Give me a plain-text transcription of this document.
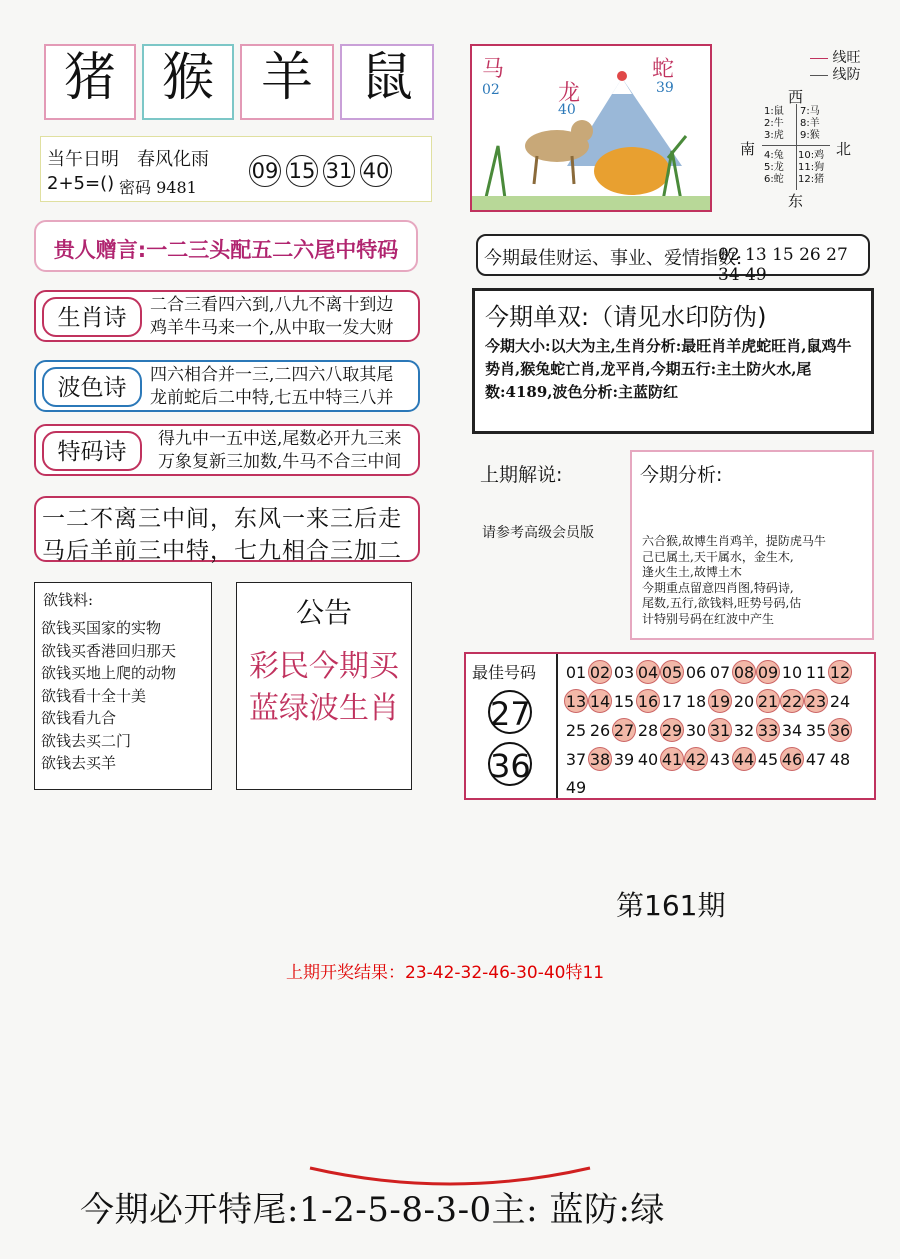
猪 猴 羊 鼠
当午日明　春风化雨
2+5=() 密码 9481
09 15 31 40
贵人赠言:一二三头配五二六尾中特码
生肖诗	二合三看四六到,八九不离十到边
鸡羊牛马来一个,从中取一发大财
波色诗	四六相合并一三,二四六八取其尾
龙前蛇后二中特,七五中特三八并
特码诗	得九中一五中送,尾数必开九三来
万象复新三加数,牛马不合三中间
一二不离三中间，东风一来三后走
马后羊前三中特，七九相合三加二
欲钱料:
欲钱买国家的实物
欲钱买香港回归那天
欲钱买地上爬的动物
欲钱看十全十美
欲钱看九合
欲钱去买二门
欲钱去买羊
公告
彩民今期买
蓝绿波生肖
马
02	龙
40
蛇
39
线旺
线防
西
南	北
东
1:鼠
2:牛
3:虎
7:马
8:羊
9:猴
4:兔
5:龙
6:蛇
10:鸡
11:狗
12:猪
今期最佳财运、事业、爱情指数:
02 13 15 26 27 34 49
今期单双:（请见水印防伪)
今期大小:以大为主,生肖分析:最旺肖羊虎蛇旺肖,鼠鸡牛势肖,猴兔蛇亡肖,龙平肖,今期五行:主土防火水,尾数:4189,波色分析:主蓝防红
上期解说:
请参考高级会员版
今期分析:
六合猴,故博生肖鸡羊，提防虎马牛
己已属土,天干属水，金生木,
逢火生土,故博土木
今期重点留意四肖图,特码诗,
尾数,五行,欲钱料,旺势号码,估
计特别号码在红波中产生
最佳号码
27
36
01 02 03 04 05 06 07 08 09 10 11 12
13 14 15 16 17 18 19 20 21 22 23 24
25 26 27 28 29 30 31 32 33 34 35 36
37 38 39 40 41 42 43 44 45 46 47 48
49
第161期
上期开奖结果：23-42-32-46-30-40特11
今期必开特尾:1-2-5-8-3-0主: 蓝防:绿
